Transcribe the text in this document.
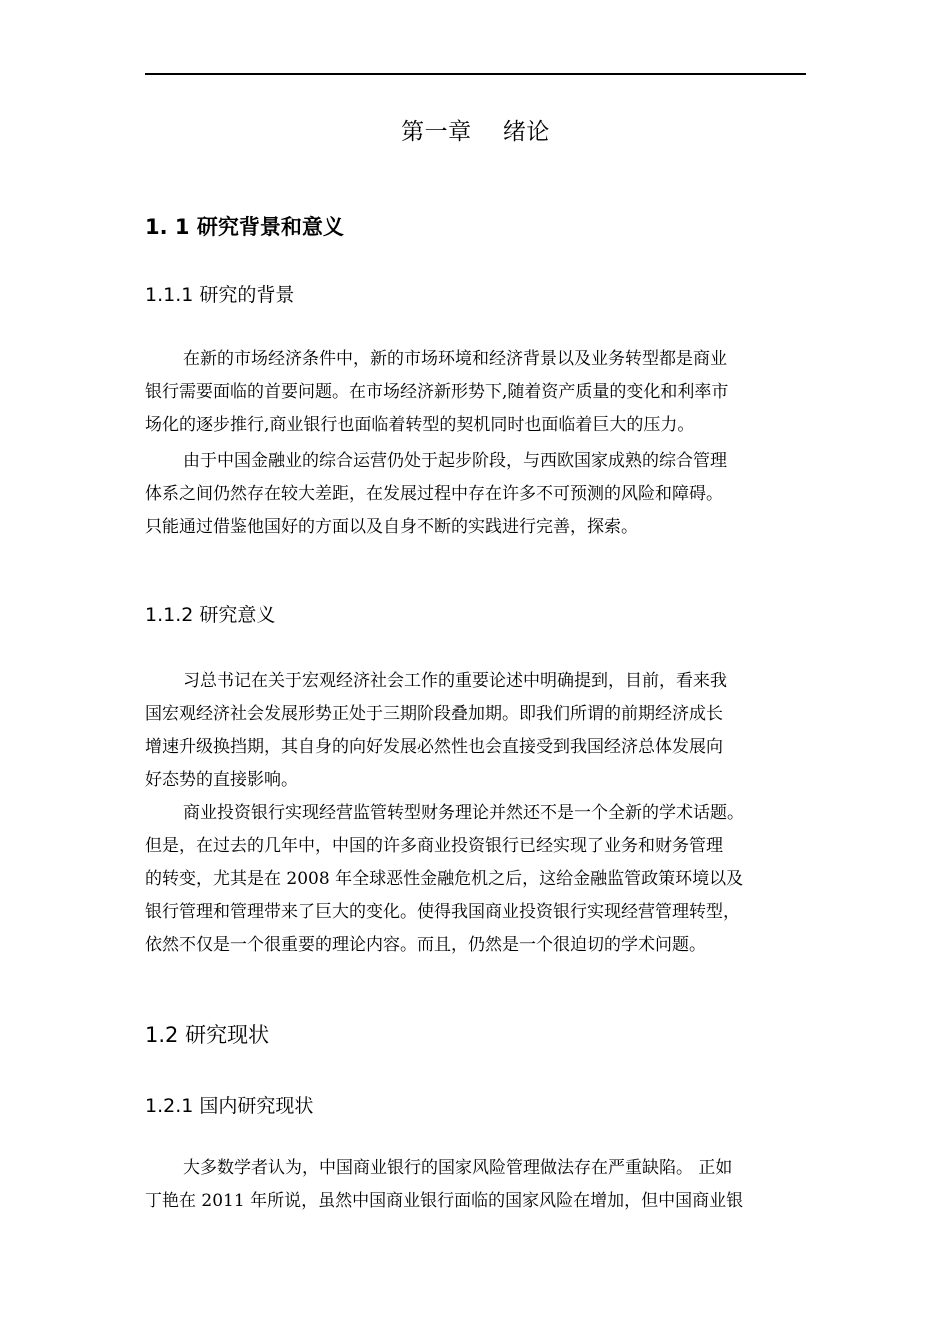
第一章    绪论
1. 1 研究背景和意义
1.1.1 研究的背景
在新的市场经济条件中，新的市场环境和经济背景以及业务转型都是商业
银行需要面临的首要问题。在市场经济新形势下,随着资产质量的变化和利率市
场化的逐步推行,商业银行也面临着转型的契机同时也面临着巨大的压力。
由于中国金融业的综合运营仍处于起步阶段，与西欧国家成熟的综合管理
体系之间仍然存在较大差距，在发展过程中存在许多不可预测的风险和障碍。
只能通过借鉴他国好的方面以及自身不断的实践进行完善，探索。
1.1.2 研究意义
习总书记在关于宏观经济社会工作的重要论述中明确提到，目前，看来我
国宏观经济社会发展形势正处于三期阶段叠加期。即我们所谓的前期经济成长
增速升级换挡期，其自身的向好发展必然性也会直接受到我国经济总体发展向
好态势的直接影响。
商业投资银行实现经营监管转型财务理论并然还不是一个全新的学术话题。
但是，在过去的几年中，中国的许多商业投资银行已经实现了业务和财务管理
的转变，尤其是在 2008 年全球恶性金融危机之后，这给金融监管政策环境以及
银行管理和管理带来了巨大的变化。使得我国商业投资银行实现经营管理转型，
依然不仅是一个很重要的理论内容。而且，仍然是一个很迫切的学术问题。
1.2 研究现状
1.2.1 国内研究现状
大多数学者认为，中国商业银行的国家风险管理做法存在严重缺陷。 正如
丁艳在 2011 年所说，虽然中国商业银行面临的国家风险在增加，但中国商业银
